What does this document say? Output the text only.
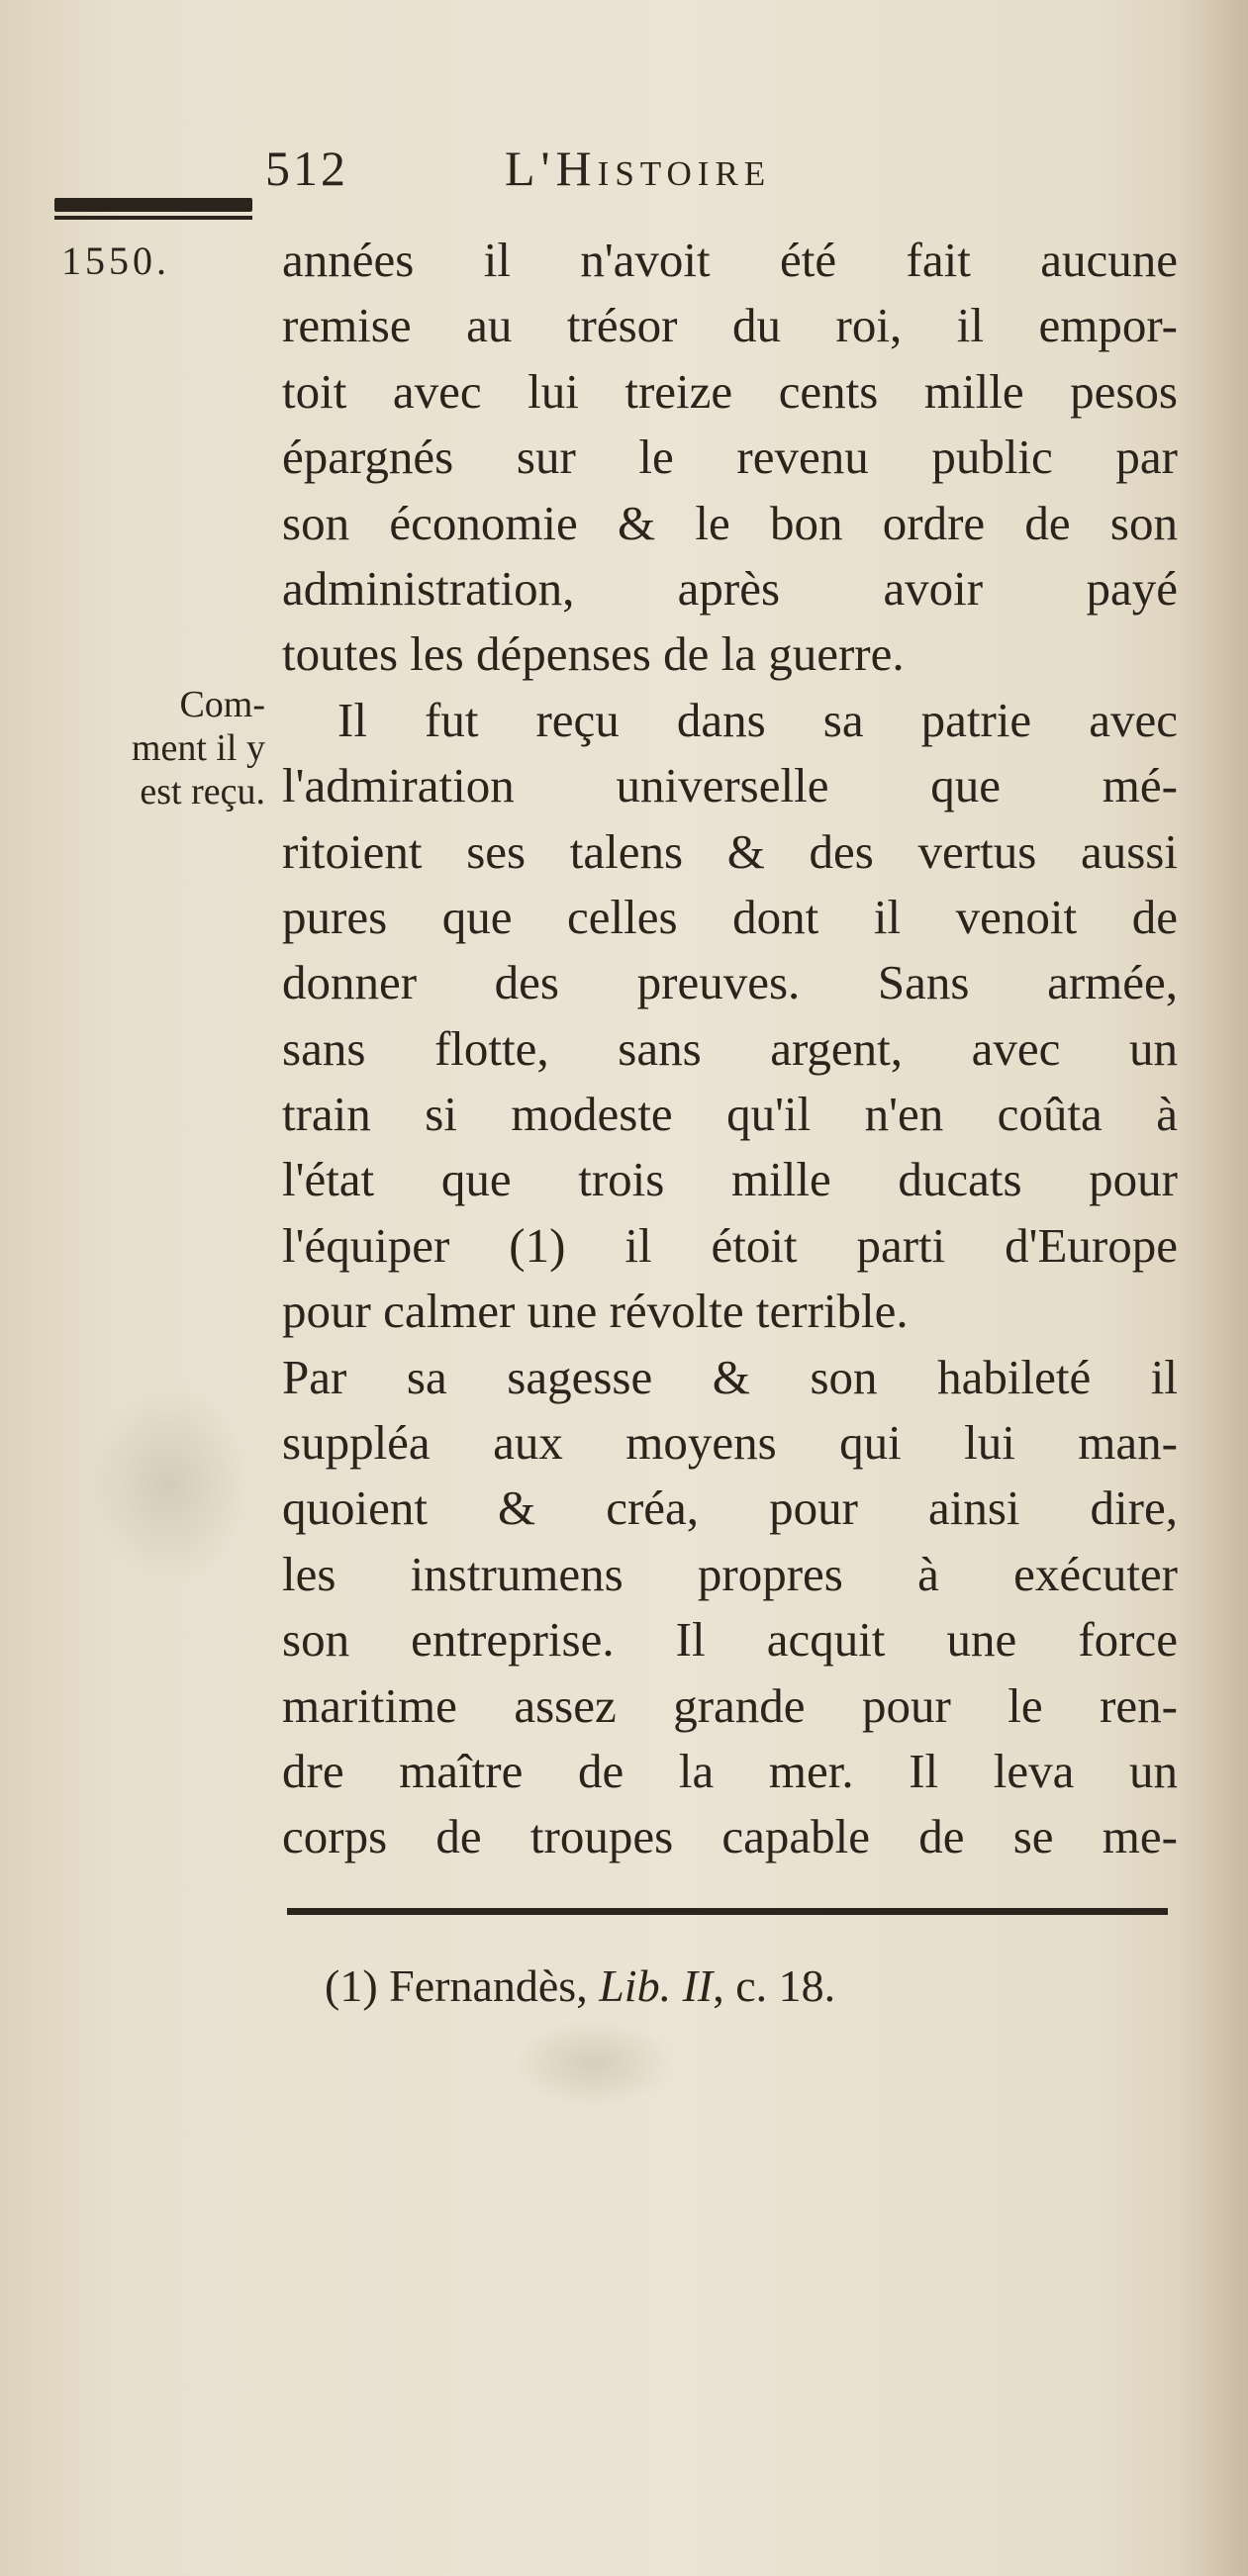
512	L'Histoire
1550.
Com-
ment il y
est reçu.
années il n'avoit été fait aucune
remise au trésor du roi, il empor-
toit avec lui treize cents mille pesos
épargnés sur le revenu public par
son économie & le bon ordre de son
administration, après avoir payé
toutes les dépenses de la guerre.
Il fut reçu dans sa patrie avec
l'admiration universelle que mé-
ritoient ses talens & des vertus aussi
pures que celles dont il venoit de
donner des preuves. Sans armée,
sans flotte, sans argent, avec un
train si modeste qu'il n'en coûta à
l'état que trois mille ducats pour
l'équiper (1) il étoit parti d'Europe
pour calmer une révolte terrible.
Par sa sagesse & son habileté il
suppléa aux moyens qui lui man-
quoient & créa, pour ainsi dire,
les instrumens propres à exécuter
son entreprise. Il acquit une force
maritime assez grande pour le ren-
dre maître de la mer. Il leva un
corps de troupes capable de se me-
(1) Fernandès, Lib. II, c. 18.
